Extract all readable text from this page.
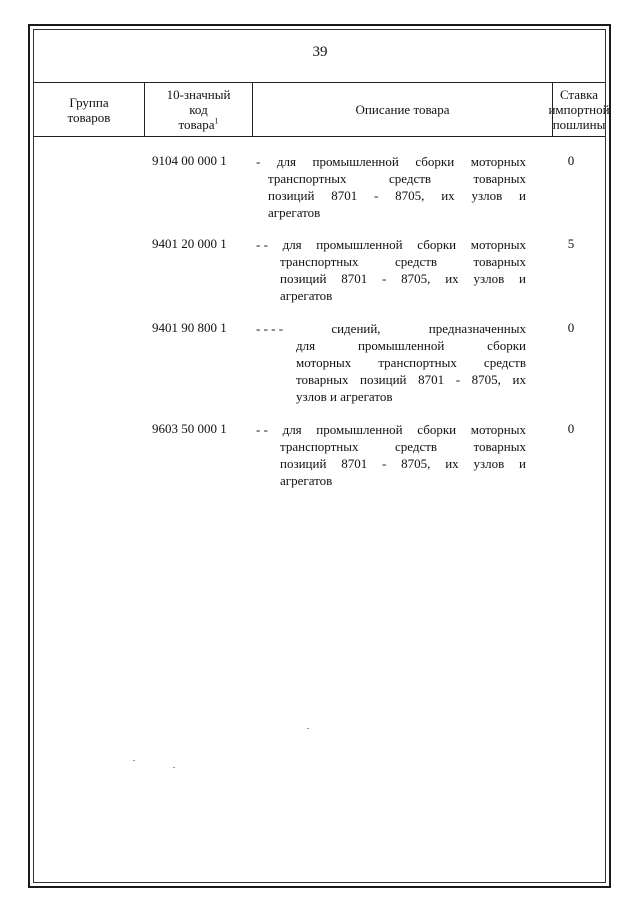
39
Группа
товаров
10-значный
код
товара$^1$
Описание товара
Ставка
импортной
пошлины
9104 00 000 1 - для промышленной сборки моторных
транспортных средств товарных
позиций 8701 - 8705, их узлов и
агрегатов
0
9401 20 000 1 - - для промышленной сборки моторных
транспортных средств товарных
позиций 8701 - 8705, их узлов и
агрегатов
5
9401 90 800 1 - - - -	сидений, предназначенных
для промышленной сборки
моторных транспортных средств
товарных позиций 8701 - 8705, их
узлов и агрегатов
0
9603 50 000 1 - - для промышленной сборки моторных
транспортных средств товарных
позиций 8701 - 8705, их узлов и
агрегатов
0
